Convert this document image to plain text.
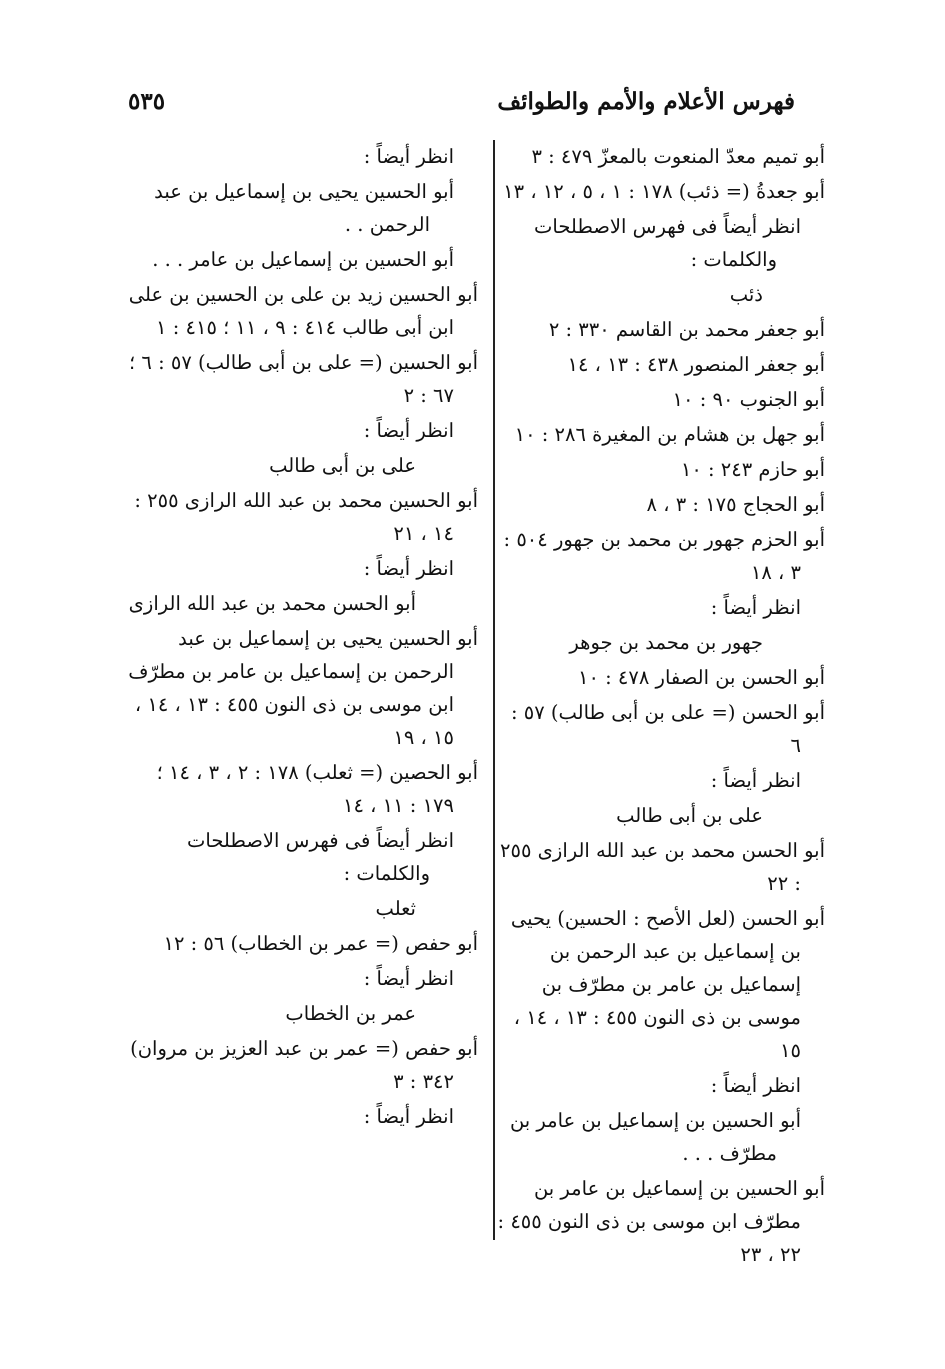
فهرس الأعلام والأمم والطوائف
٥٣٥
أبو تميم معدّ المنعوت بالمعزّ ٤٧٩ : ٣
أبو جعدةُ (= ذئب) ١٧٨ : ١ ، ٥ ، ١٢ ، ١٣
انظر أيضاً فى فهرس الاصطلحات والكلمات :
ذئب
أبو جعفر محمد بن القاسم ٣٣٠ : ٢
أبو جعفر المنصور ٤٣٨ : ١٣ ، ١٤
أبو الجنوب ٩٠ : ١٠
أبو جهل بن هشام بن المغيرة ٢٨٦ : ١٠
أبو حازم ٢٤٣ : ١٠
أبو الحجاج ١٧٥ : ٣ ، ٨
أبو الحزم جهور بن محمد بن جهور ٥٠٤ : ٣ ، ١٨
انظر أيضاً :
جهور بن محمد بن جوهر
أبو الحسن بن الصفار ٤٧٨ : ١٠
أبو الحسن (= على بن أبى طالب) ٥٧ : ٦
انظر أيضاً :
على بن أبى طالب
أبو الحسن محمد بن عبد الله الرازى ٢٥٥ : ٢٢
أبو الحسن (لعل الأصح : الحسين) يحيى بن إسماعيل بن عبد الرحمن بن إسماعيل بن عامر بن مطرّف بن موسى بن ذى النون ٤٥٥ : ١٣ ، ١٤ ، ١٥
انظر أيضاً :
أبو الحسين بن إسماعيل بن عامر بن مطرّف . . .
أبو الحسين بن إسماعيل بن عامر بن مطرّف ابن موسى بن ذى النون ٤٥٥ : ٢٢ ، ٢٣
انظر أيضاً :
أبو الحسين يحيى بن إسماعيل بن عبد الرحمن . .
أبو الحسين بن إسماعيل بن عامر . . .
أبو الحسين زيد بن على بن الحسين بن على ابن أبى طالب ٤١٤ : ٩ ، ١١ ؛ ٤١٥ : ١
أبو الحسين (= على بن أبى طالب) ٥٧ : ٦ ؛ ٦٧ : ٢
انظر أيضاً :
على بن أبى طالب
أبو الحسين محمد بن عبد الله الرازى ٢٥٥ : ١٤ ، ٢١
انظر أيضاً :
أبو الحسن محمد بن عبد الله الرازى
أبو الحسين يحيى بن إسماعيل بن عبد الرحمن بن إسماعيل بن عامر بن مطرّف ابن موسى بن ذى النون ٤٥٥ : ١٣ ، ١٤ ، ١٥ ، ١٩
أبو الحصين (= ثعلب) ١٧٨ : ٢ ، ٣ ، ١٤ ؛ ١٧٩ : ١١ ، ١٤
انظر أيضاً فى فهرس الاصطلحات والكلمات :
ثعلب
أبو حفص (= عمر بن الخطاب) ٥٦ : ١٢
انظر أيضاً :
عمر بن الخطاب
أبو حفص (= عمر بن عبد العزيز بن مروان) ٣٤٢ : ٣
انظر أيضاً :
